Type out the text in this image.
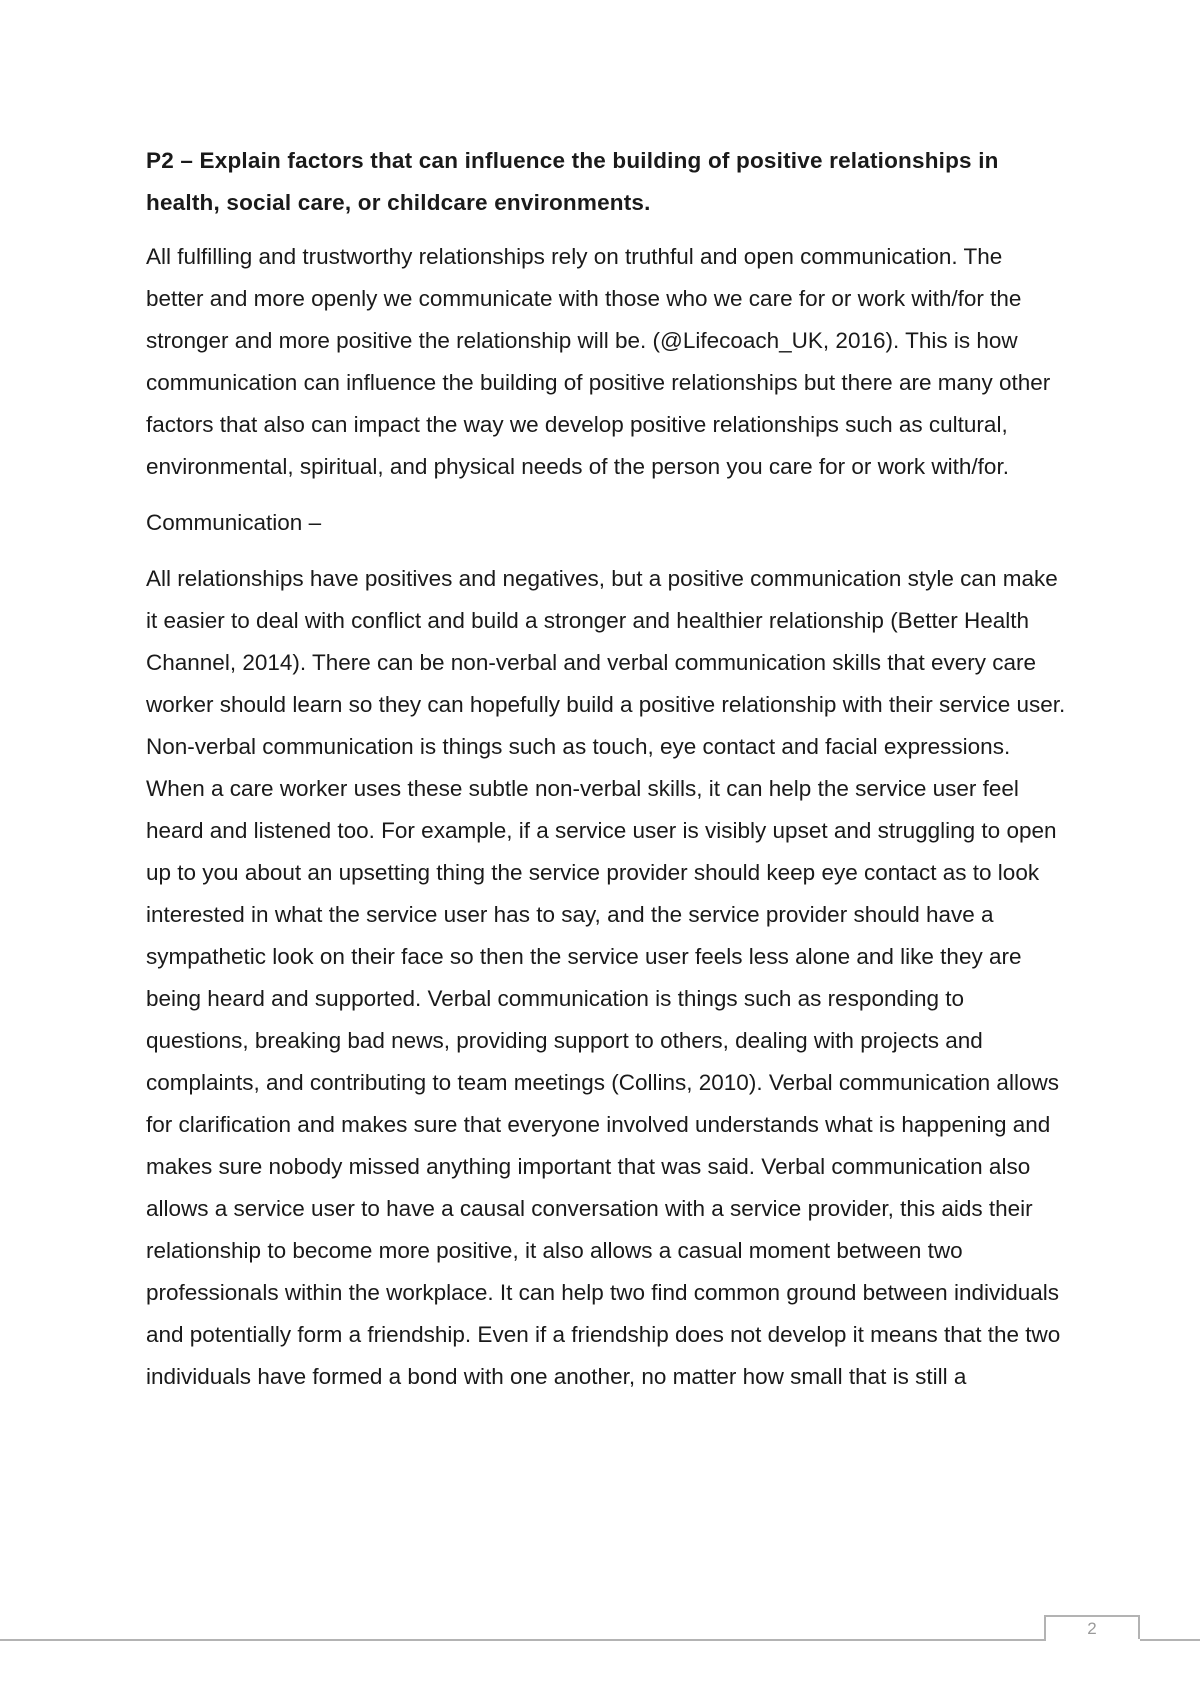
P2 – Explain factors that can influence the building of positive relationships in health, social care, or childcare environments.

All fulfilling and trustworthy relationships rely on truthful and open communication. The better and more openly we communicate with those who we care for or work with/for the stronger and more positive the relationship will be. (@Lifecoach_UK, 2016). This is how communication can influence the building of positive relationships but there are many other factors that also can impact the way we develop positive relationships such as cultural, environmental, spiritual, and physical needs of the person you care for or work with/for.

Communication –

All relationships have positives and negatives, but a positive communication style can make it easier to deal with conflict and build a stronger and healthier relationship (Better Health Channel, 2014). There can be non-verbal and verbal communication skills that every care worker should learn so they can hopefully build a positive relationship with their service user. Non-verbal communication is things such as touch, eye contact and facial expressions. When a care worker uses these subtle non-verbal skills, it can help the service user feel heard and listened too. For example, if a service user is visibly upset and struggling to open up to you about an upsetting thing the service provider should keep eye contact as to look interested in what the service user has to say, and the service provider should have a sympathetic look on their face so then the service user feels less alone and like they are being heard and supported. Verbal communication is things such as responding to questions, breaking bad news, providing support to others, dealing with projects and complaints, and contributing to team meetings (Collins, 2010). Verbal communication allows for clarification and makes sure that everyone involved understands what is happening and makes sure nobody missed anything important that was said. Verbal communication also allows a service user to have a causal conversation with a service provider, this aids their relationship to become more positive, it also allows a casual moment between two professionals within the workplace. It can help two find common ground between individuals and potentially form a friendship. Even if a friendship does not develop it means that the two individuals have formed a bond with one another, no matter how small that is still a

2
